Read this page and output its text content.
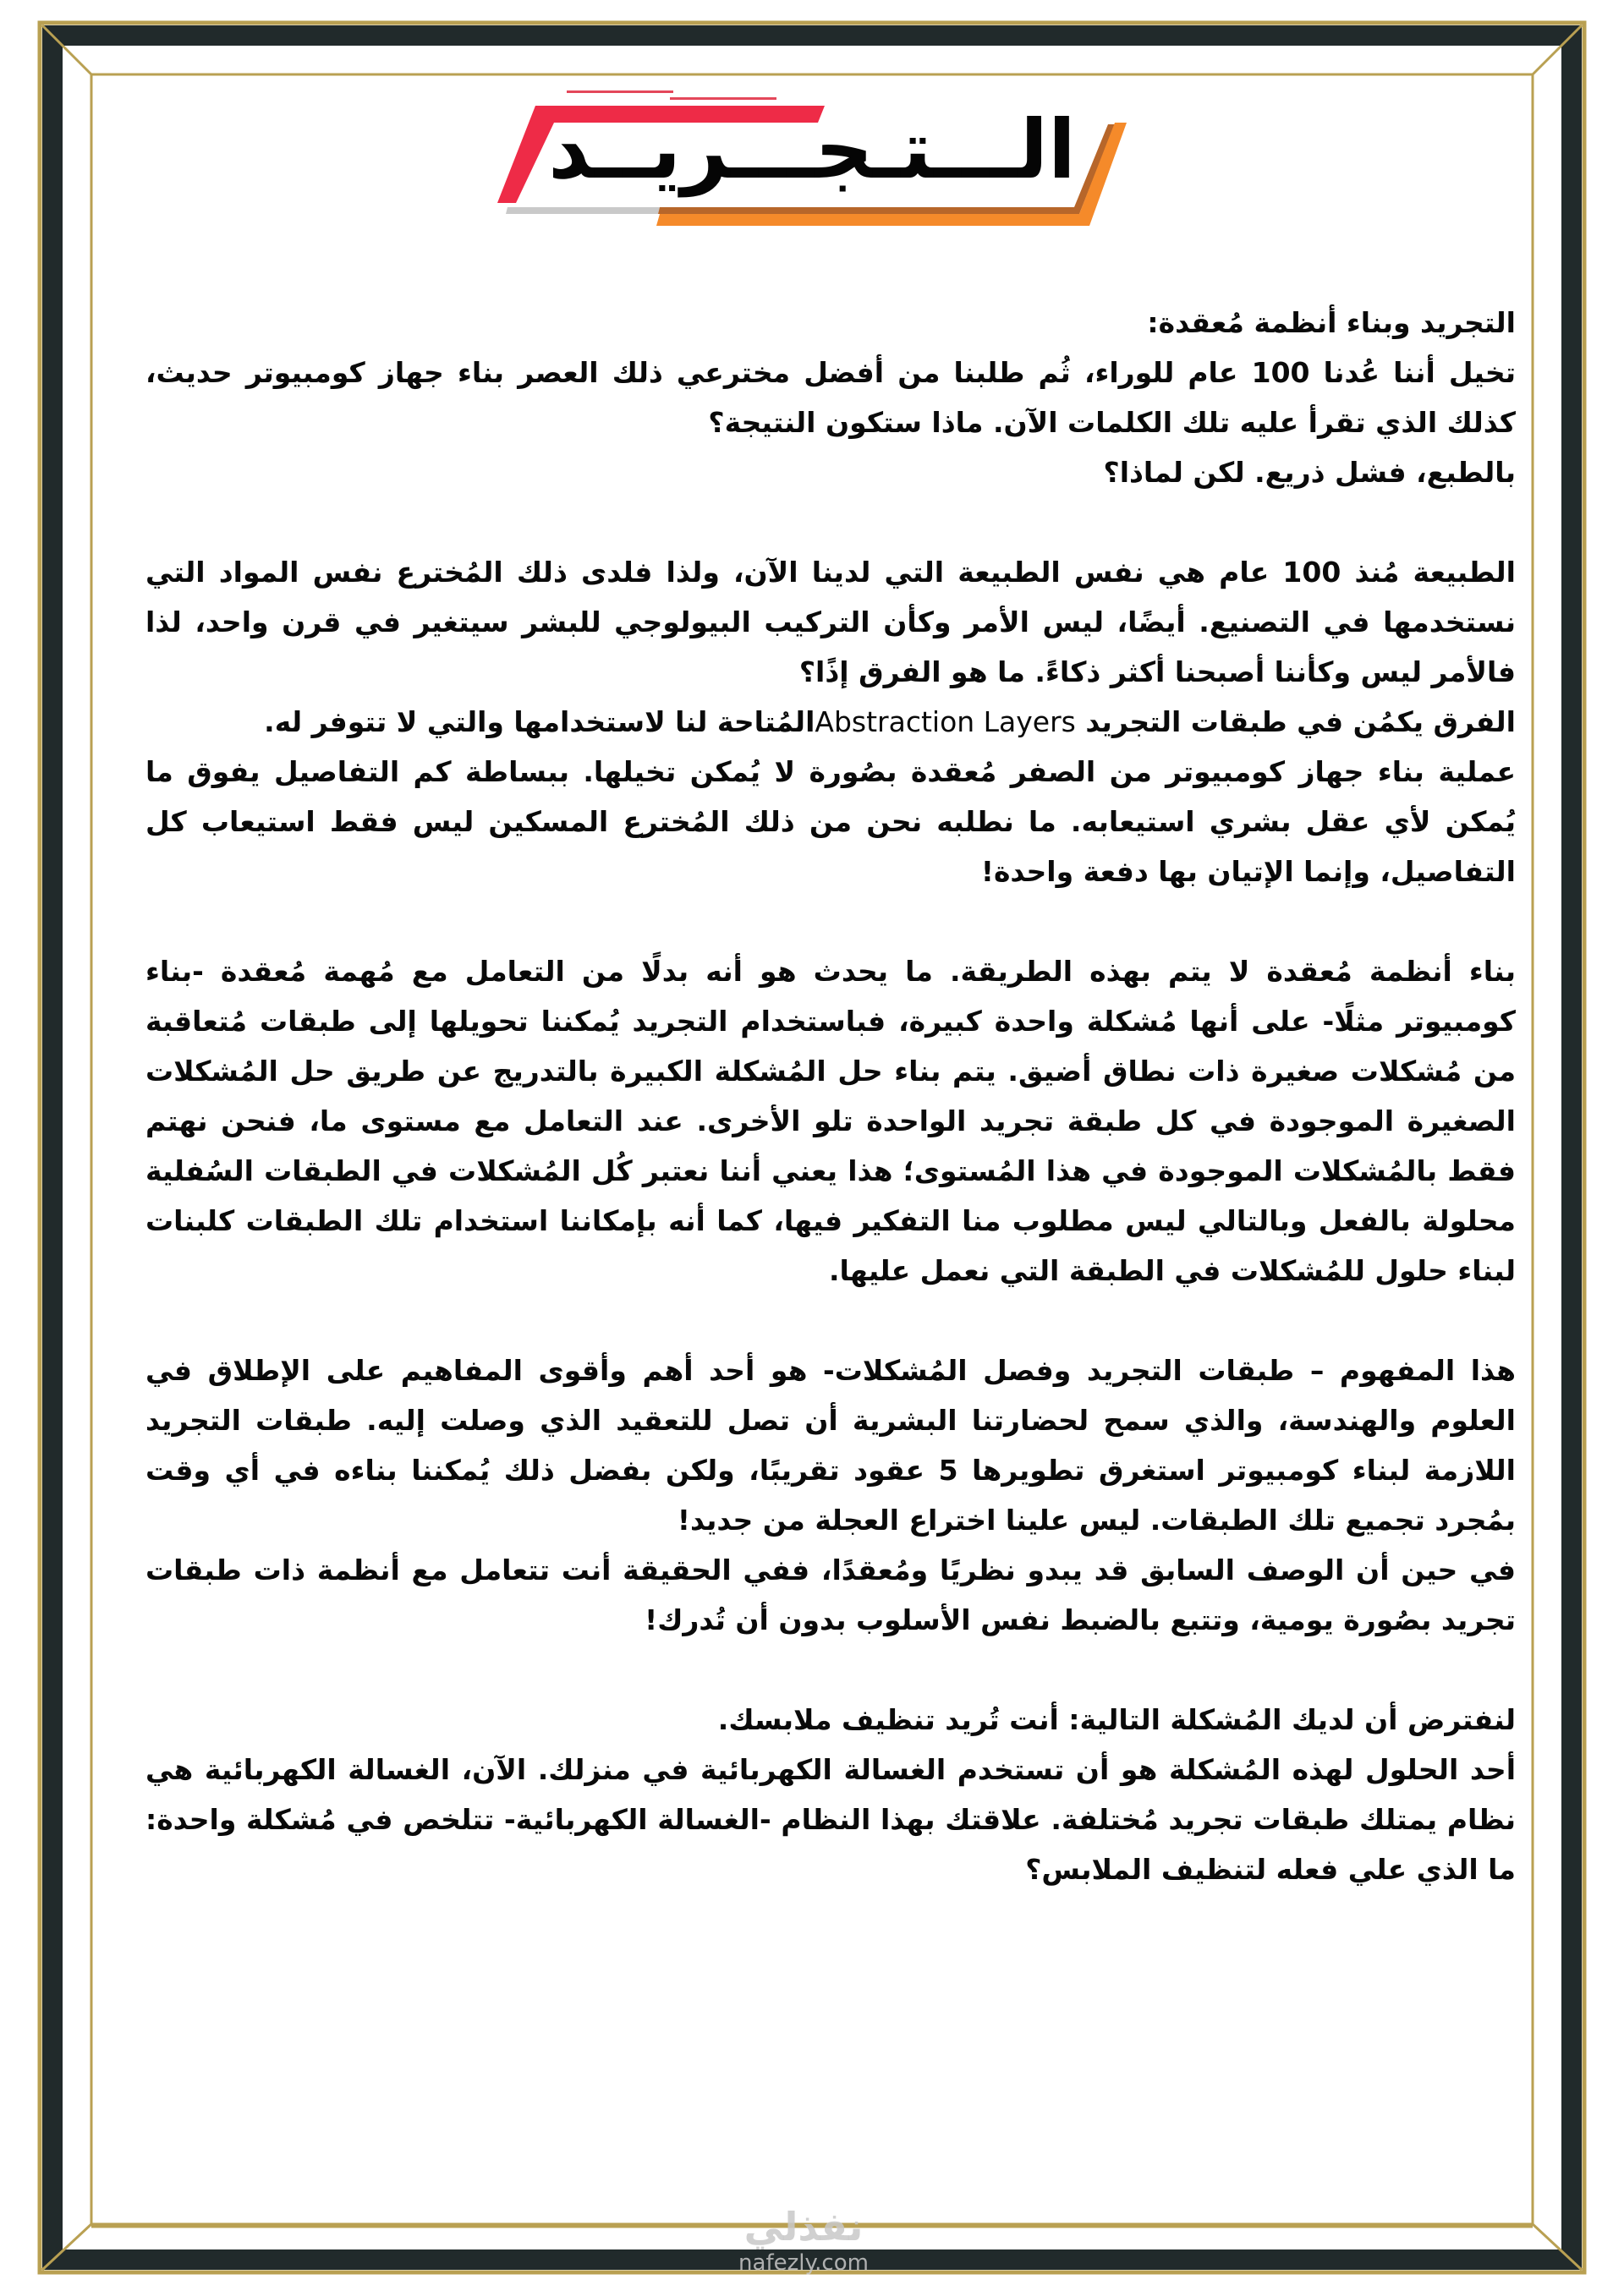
الـــتـجـــريــد

التجريد وبناء أنظمة مُعقدة:

تخيل أننا عُدنا 100 عام للوراء، ثُم طلبنا من أفضل مخترعي ذلك العصر بناء جهاز كومبيوتر حديث، كذلك الذي تقرأ عليه تلك الكلمات الآن. ماذا ستكون النتيجة؟

بالطبع، فشل ذريع. لكن لماذا؟

الطبيعة مُنذ 100 عام هي نفس الطبيعة التي لدينا الآن، ولذا فلدى ذلك المُخترع نفس المواد التي نستخدمها في التصنيع. أيضًا، ليس الأمر وكأن التركيب البيولوجي للبشر سيتغير في قرن واحد، لذا فالأمر ليس وكأننا أصبحنا أكثر ذكاءً. ما هو الفرق إذًا؟

الفرق يكمُن في طبقات التجريد Abstraction Layersالمُتاحة لنا لاستخدامها والتي لا تتوفر له.

عملية بناء جهاز كومبيوتر من الصفر مُعقدة بصُورة لا يُمكن تخيلها. ببساطة كم التفاصيل يفوق ما يُمكن لأي عقل بشري استيعابه. ما نطلبه نحن من ذلك المُخترع المسكين ليس فقط استيعاب كل التفاصيل، وإنما الإتيان بها دفعة واحدة!

بناء أنظمة مُعقدة لا يتم بهذه الطريقة. ما يحدث هو أنه بدلًا من التعامل مع مُهمة مُعقدة -بناء كومبيوتر مثلًا- على أنها مُشكلة واحدة كبيرة، فباستخدام التجريد يُمكننا تحويلها إلى طبقات مُتعاقبة من مُشكلات صغيرة ذات نطاق أضيق. يتم بناء حل المُشكلة الكبيرة بالتدريج عن طريق حل المُشكلات الصغيرة الموجودة في كل طبقة تجريد الواحدة تلو الأخرى. عند التعامل مع مستوى ما، فنحن نهتم فقط بالمُشكلات الموجودة في هذا المُستوى؛ هذا يعني أننا نعتبر كُل المُشكلات في الطبقات السُفلية محلولة بالفعل وبالتالي ليس مطلوب منا التفكير فيها، كما أنه بإمكاننا استخدام تلك الطبقات كلبنات لبناء حلول للمُشكلات في الطبقة التي نعمل عليها.

هذا المفهوم – طبقات التجريد وفصل المُشكلات- هو أحد أهم وأقوى المفاهيم على الإطلاق في العلوم والهندسة، والذي سمح لحضارتنا البشرية أن تصل للتعقيد الذي وصلت إليه. طبقات التجريد اللازمة لبناء كومبيوتر استغرق تطويرها 5 عقود تقريبًا، ولكن بفضل ذلك يُمكننا بناءه في أي وقت بمُجرد تجميع تلك الطبقات. ليس علينا اختراع العجلة من جديد!

في حين أن الوصف السابق قد يبدو نظريًا ومُعقدًا، ففي الحقيقة أنت تتعامل مع أنظمة ذات طبقات تجريد بصُورة يومية، وتتبع بالضبط نفس الأسلوب بدون أن تُدرك!

لنفترض أن لديك المُشكلة التالية: أنت تُريد تنظيف ملابسك.

أحد الحلول لهذه المُشكلة هو أن تستخدم الغسالة الكهربائية في منزلك. الآن، الغسالة الكهربائية هي نظام يمتلك طبقات تجريد مُختلفة. علاقتك بهذا النظام -الغسالة الكهربائية- تتلخص في مُشكلة واحدة: ما الذي علي فعله لتنظيف الملابس؟

نفذلي
nafezly.com
